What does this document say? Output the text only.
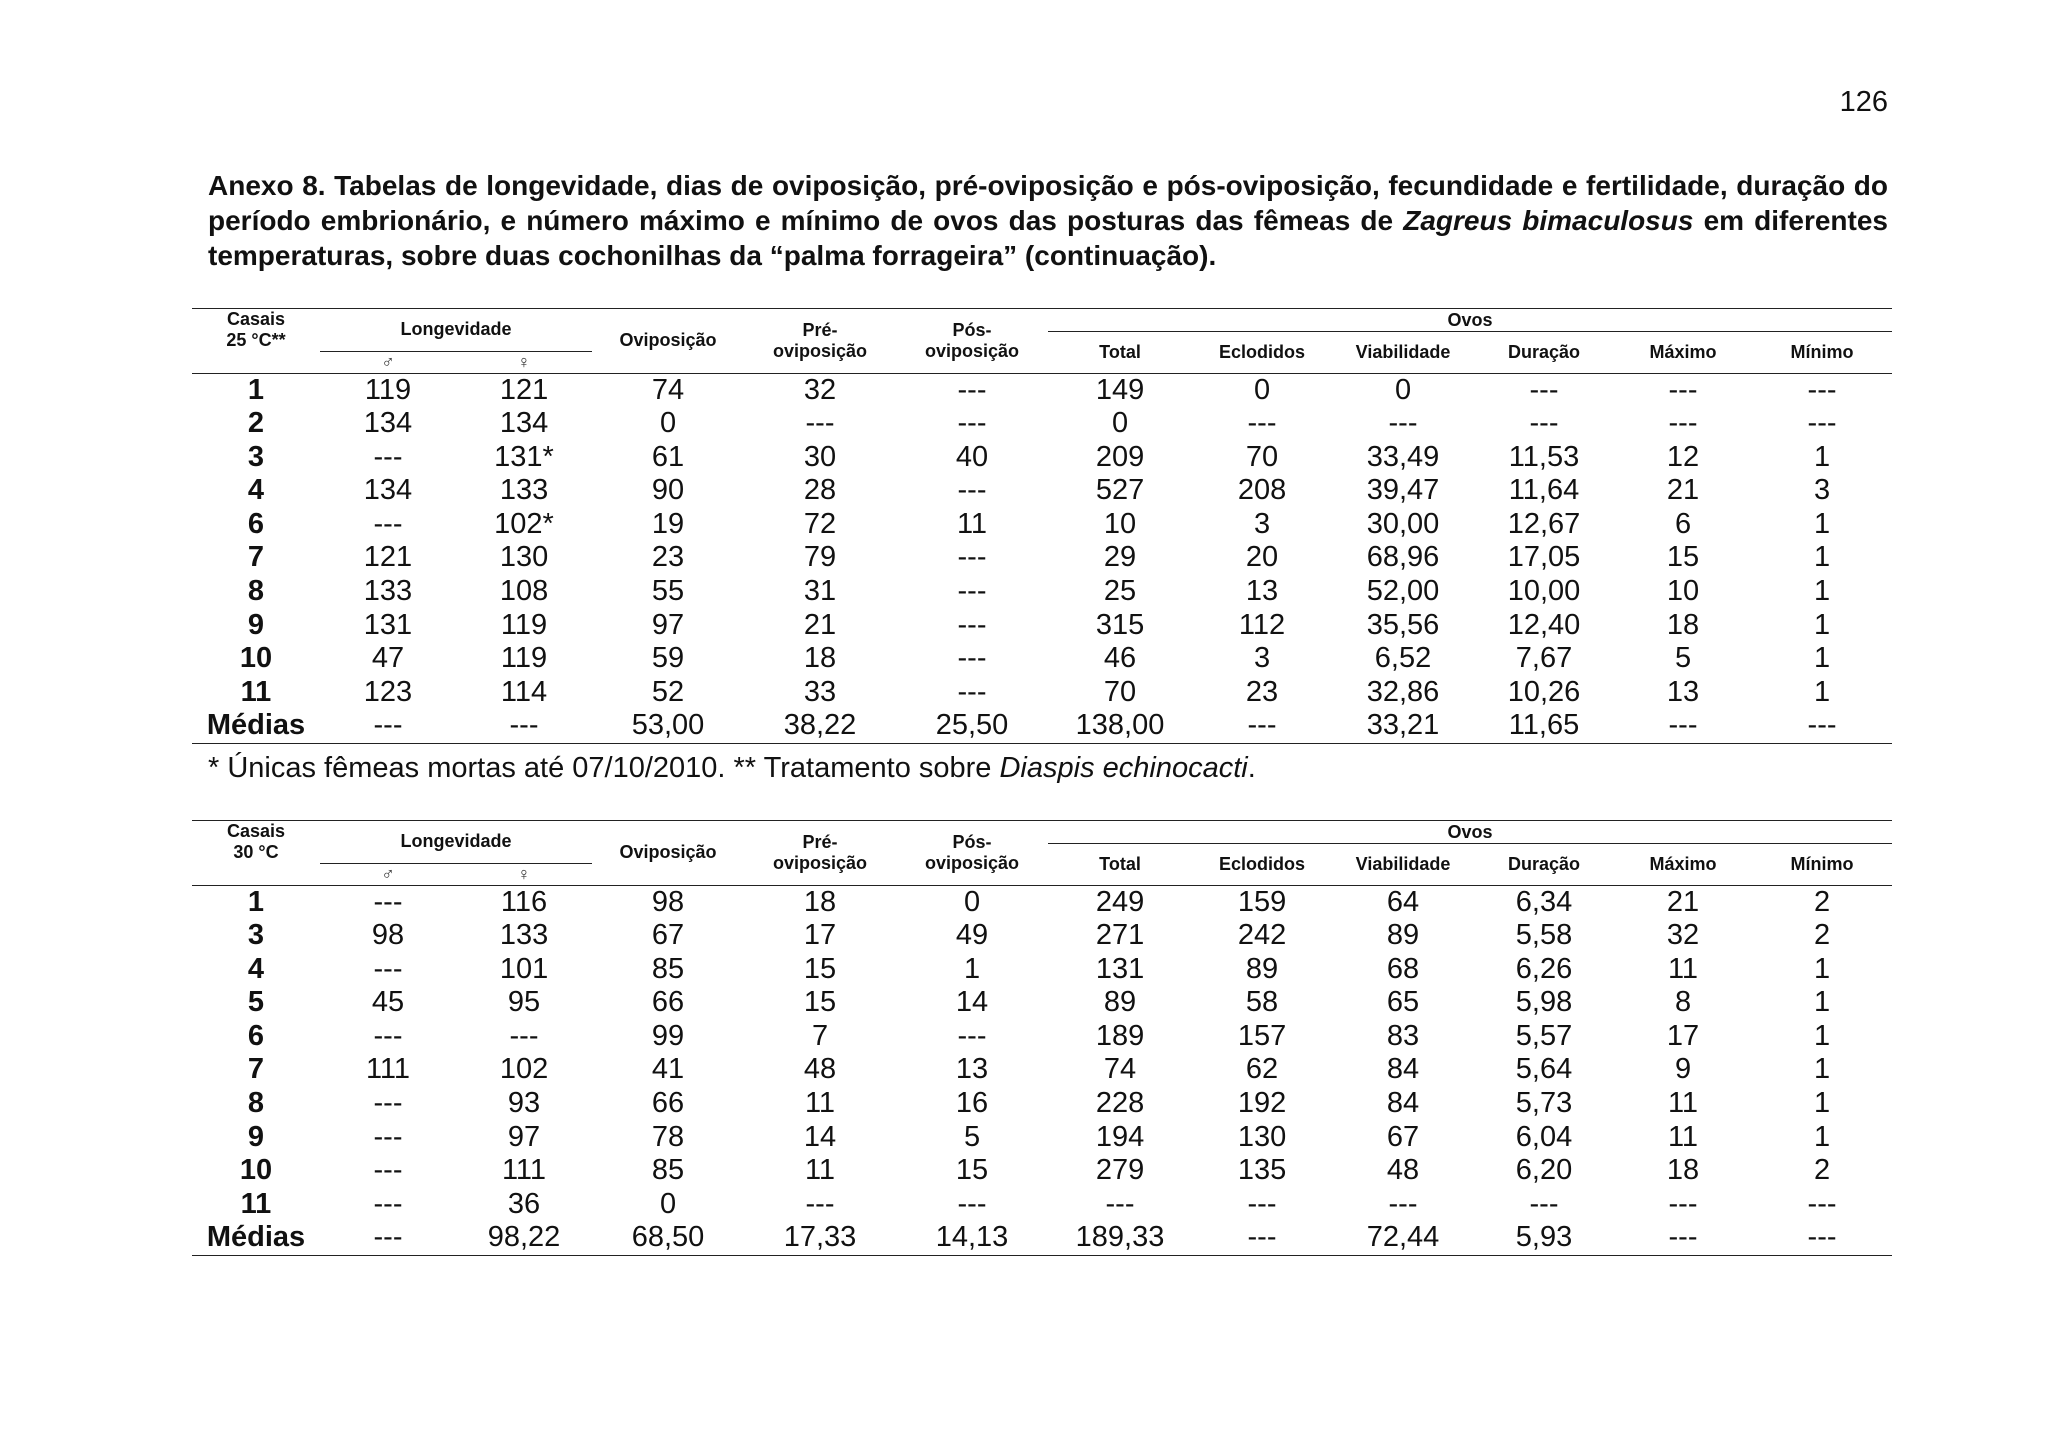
126
Anexo 8. Tabelas de longevidade, dias de oviposição, pré-oviposição e pós-oviposição, fecundidade e fertilidade, duração do período embrionário, e número máximo e mínimo de ovos das posturas das fêmeas de Zagreus bimaculosus em diferentes temperaturas, sobre duas cochonilhas da “palma forrageira” (continuação).
Casais
25 °C**	Longevidade		Oviposição	Pré-
oviposição	Pós-
oviposição	Ovos					
						Total	Eclodidos	Viabilidade	Duração	Máximo	Mínimo
	♂	♀									
1	119	121	74	32	---	149	0	0	---	---	---
2	134	134	0	---	---	0	---	---	---	---	---
3	---	131*	61	30	40	209	70	33,49	11,53	12	1
4	134	133	90	28	---	527	208	39,47	11,64	21	3
6	---	102*	19	72	11	10	3	30,00	12,67	6	1
7	121	130	23	79	---	29	20	68,96	17,05	15	1
8	133	108	55	31	---	25	13	52,00	10,00	10	1
9	131	119	97	21	---	315	112	35,56	12,40	18	1
10	47	119	59	18	---	46	3	6,52	7,67	5	1
11	123	114	52	33	---	70	23	32,86	10,26	13	1
Médias	---	---	53,00	38,22	25,50	138,00	---	33,21	11,65	---	---
* Únicas fêmeas mortas até 07/10/2010. ** Tratamento sobre Diaspis echinocacti.
Casais
30 °C	Longevidade		Oviposição	Pré-
oviposição	Pós-
oviposição	Ovos					
						Total	Eclodidos	Viabilidade	Duração	Máximo	Mínimo
	♂	♀									
1	---	116	98	18	0	249	159	64	6,34	21	2
3	98	133	67	17	49	271	242	89	5,58	32	2
4	---	101	85	15	1	131	89	68	6,26	11	1
5	45	95	66	15	14	89	58	65	5,98	8	1
6	---	---	99	7	---	189	157	83	5,57	17	1
7	111	102	41	48	13	74	62	84	5,64	9	1
8	---	93	66	11	16	228	192	84	5,73	11	1
9	---	97	78	14	5	194	130	67	6,04	11	1
10	---	111	85	11	15	279	135	48	6,20	18	2
11	---	36	0	---	---	---	---	---	---	---	---
Médias	---	98,22	68,50	17,33	14,13	189,33	---	72,44	5,93	---	---
